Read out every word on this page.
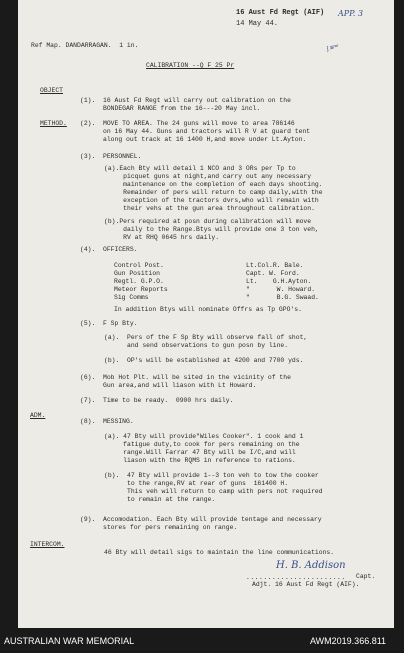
16 Aust Fd Regt (AIF) APP. 3
14 May 44.
∫≅≈
Ref Map. DANDARRAGAN.  1 in.
CALIBRATION --Q F 25 Pr
OBJECT
(1).  16 Aust Fd Regt will carry out calibration on the
BONDEGAR RANGE from the 16---20 May incl.
METHOD. (2).  MOVE TO AREA. The 24 guns will move to area 786146
on 16 May 44. Guns and tractors will R V at guard tent
along out track at 16 1400 H,and move under Lt.Ayton.
(3).  PERSONNEL.
(a).Each Bty will detail 1 NCO and 3 ORs per Tp to
picquet guns at night,and carry out any necessary
maintenance on the completion of each days shooting.
Remainder of pers will return to camp daily,with the
exception of the tractors dvrs,who will remain with
their vehs at the gun area throughout calibration.
(b).Pers required at posn during calibration will move
daily to the Range.Btys will provide one 3 ton veh,
RV at RHQ 0645 hrs daily.
(4).  OFFICERS.
Control Post.	Lt.Col.R. Bale.
Gun Position	Capt. W. Ford.
Regtl. G.P.O.	Lt.    G.H.Ayton.
Meteor Reports	"       W. Howard.
Sig Comms	"       B.G. Swaad.
In addition Btys will nominate Offrs as Tp GPO's.
(5).  F Sp Bty.
(a).  Pers of the F Sp Bty will observe fall of shot,
and send observations to gun posn by line.
(b).  OP's will be established at 4200 and 7700 yds.
(6).  Mob Hot Plt. will be sited in the vicinity of the
Gun area,and will liason with Lt Howard.
(7).  Time to be ready.  0900 hrs daily.
ADM.
(8).  MESSING.
(a). 47 Bty will provide"Wiles Cooker". 1 cook and 1
fatigue duty,to cook for pers remaining on the
range.Will Farrar 47 Bty will be I/C,and will
liason with the RQMS in reference to rations.
(b).  47 Bty will provide 1--3 ton veh to tow the cooker
to the range,RV at rear of guns  161400 H.
This veh will return to camp with pers not required
to remain at the range.
(9).  Accomodation. Each Bty will provide tentage and necessary
stores for pers remaining on range.
INTERCOM.
46 Bty will detail sigs to maintain the line communications.
H. B. Addison
....................... Capt.
Adjt. 16 Aust Fd Regt (AIF).
AUSTRALIAN WAR MEMORIAL	AWM2019.366.811
